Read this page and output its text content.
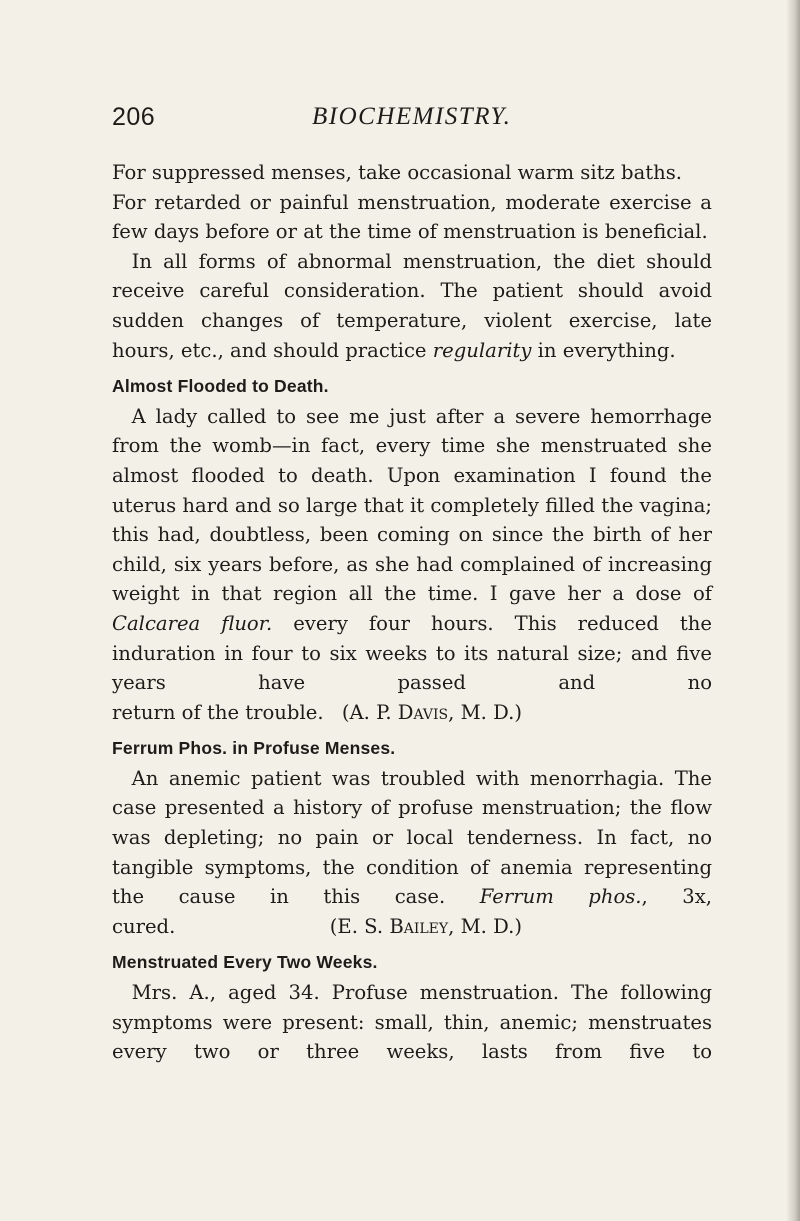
206	BIOCHEMISTRY.

For suppressed menses, take occasional warm sitz baths.

For retarded or painful menstruation, moderate exercise a few days before or at the time of menstruation is beneficial.

In all forms of abnormal menstruation, the diet should receive careful consideration. The patient should avoid sudden changes of temperature, violent exercise, late hours, etc., and should practice regularity in everything.

Almost Flooded to Death.

A lady called to see me just after a severe hemorrhage from the womb—in fact, every time she menstruated she almost flooded to death. Upon examination I found the uterus hard and so large that it completely filled the vagina; this had, doubtless, been coming on since the birth of her child, six years before, as she had complained of increasing weight in that region all the time. I gave her a dose of Calcarea fluor. every four hours. This reduced the induration in four to six weeks to its natural size; and five years have passed and no

return of the trouble. (A. P. Davis, M. D.)

Ferrum Phos. in Profuse Menses.

An anemic patient was troubled with menorrhagia. The case presented a history of profuse menstruation; the flow was depleting; no pain or local tenderness. In fact, no tangible symptoms, the condition of anemia representing the cause in this case. Ferrum phos., 3x,

cured.	(E. S. Bailey, M. D.)

Menstruated Every Two Weeks.

Mrs. A., aged 34. Profuse menstruation. The following symptoms were present: small, thin, anemic; menstruates every two or three weeks, lasts from five to
